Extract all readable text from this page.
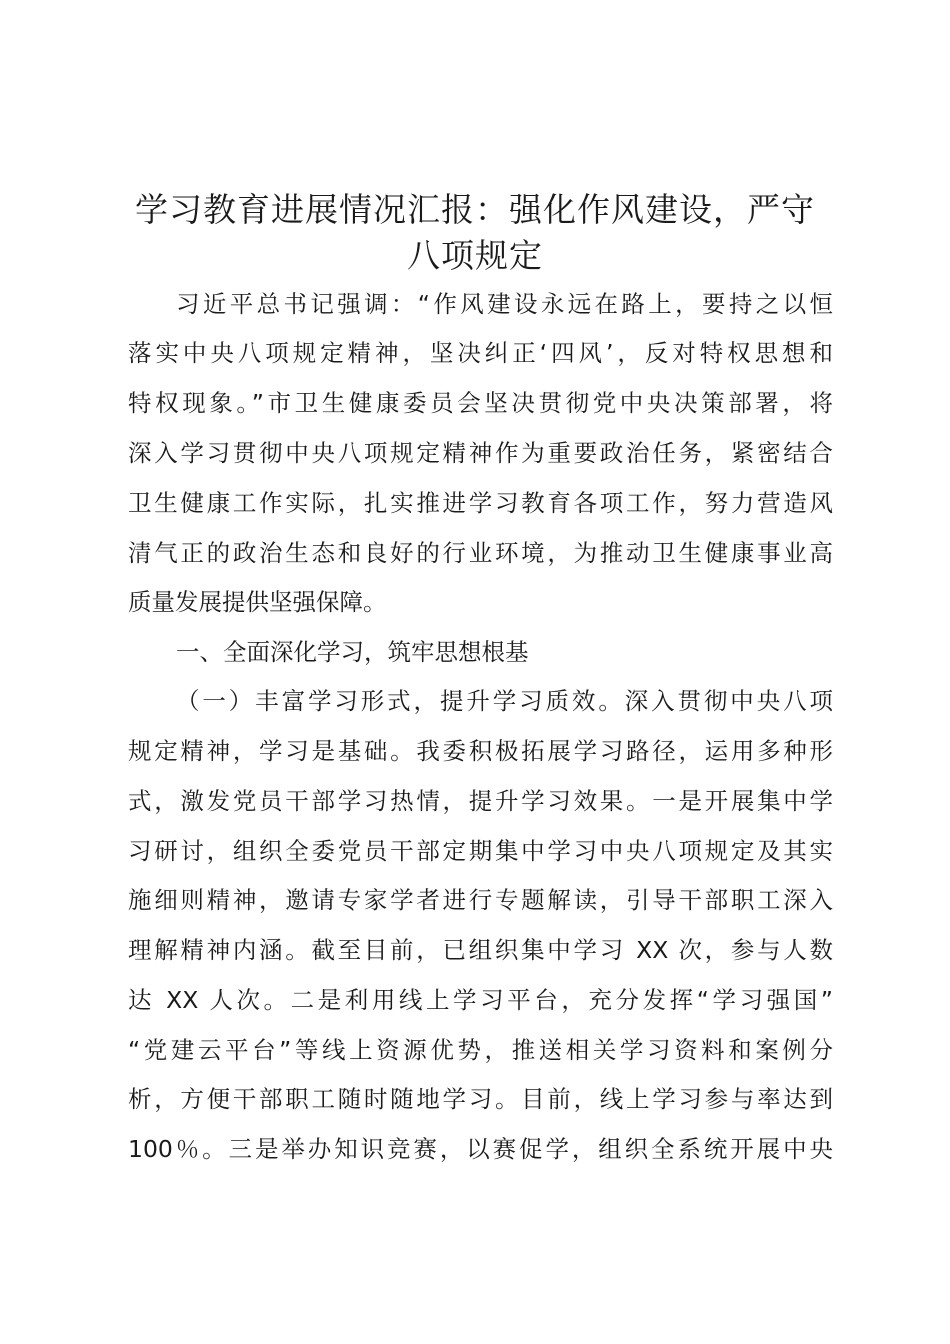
学习教育进展情况汇报：强化作风建设，严守
八项规定
习近平总书记强调：“作风建设永远在路上，要持之以恒
落实中央八项规定精神，坚决纠正‘四风’，反对特权思想和
特权现象。”市卫生健康委员会坚决贯彻党中央决策部署，将
深入学习贯彻中央八项规定精神作为重要政治任务，紧密结合
卫生健康工作实际，扎实推进学习教育各项工作，努力营造风
清气正的政治生态和良好的行业环境，为推动卫生健康事业高
质量发展提供坚强保障。
一、全面深化学习，筑牢思想根基
（一）丰富学习形式，提升学习质效。深入贯彻中央八项
规定精神，学习是基础。我委积极拓展学习路径，运用多种形
式，激发党员干部学习热情，提升学习效果。一是开展集中学
习研讨，组织全委党员干部定期集中学习中央八项规定及其实
施细则精神，邀请专家学者进行专题解读，引导干部职工深入
理解精神内涵。截至目前，已组织集中学习 XX 次，参与人数
达 XX 人次。二是利用线上学习平台，充分发挥“学习强国”
“党建云平台”等线上资源优势，推送相关学习资料和案例分
析，方便干部职工随时随地学习。目前，线上学习参与率达到
100％。三是举办知识竞赛，以赛促学，组织全系统开展中央
